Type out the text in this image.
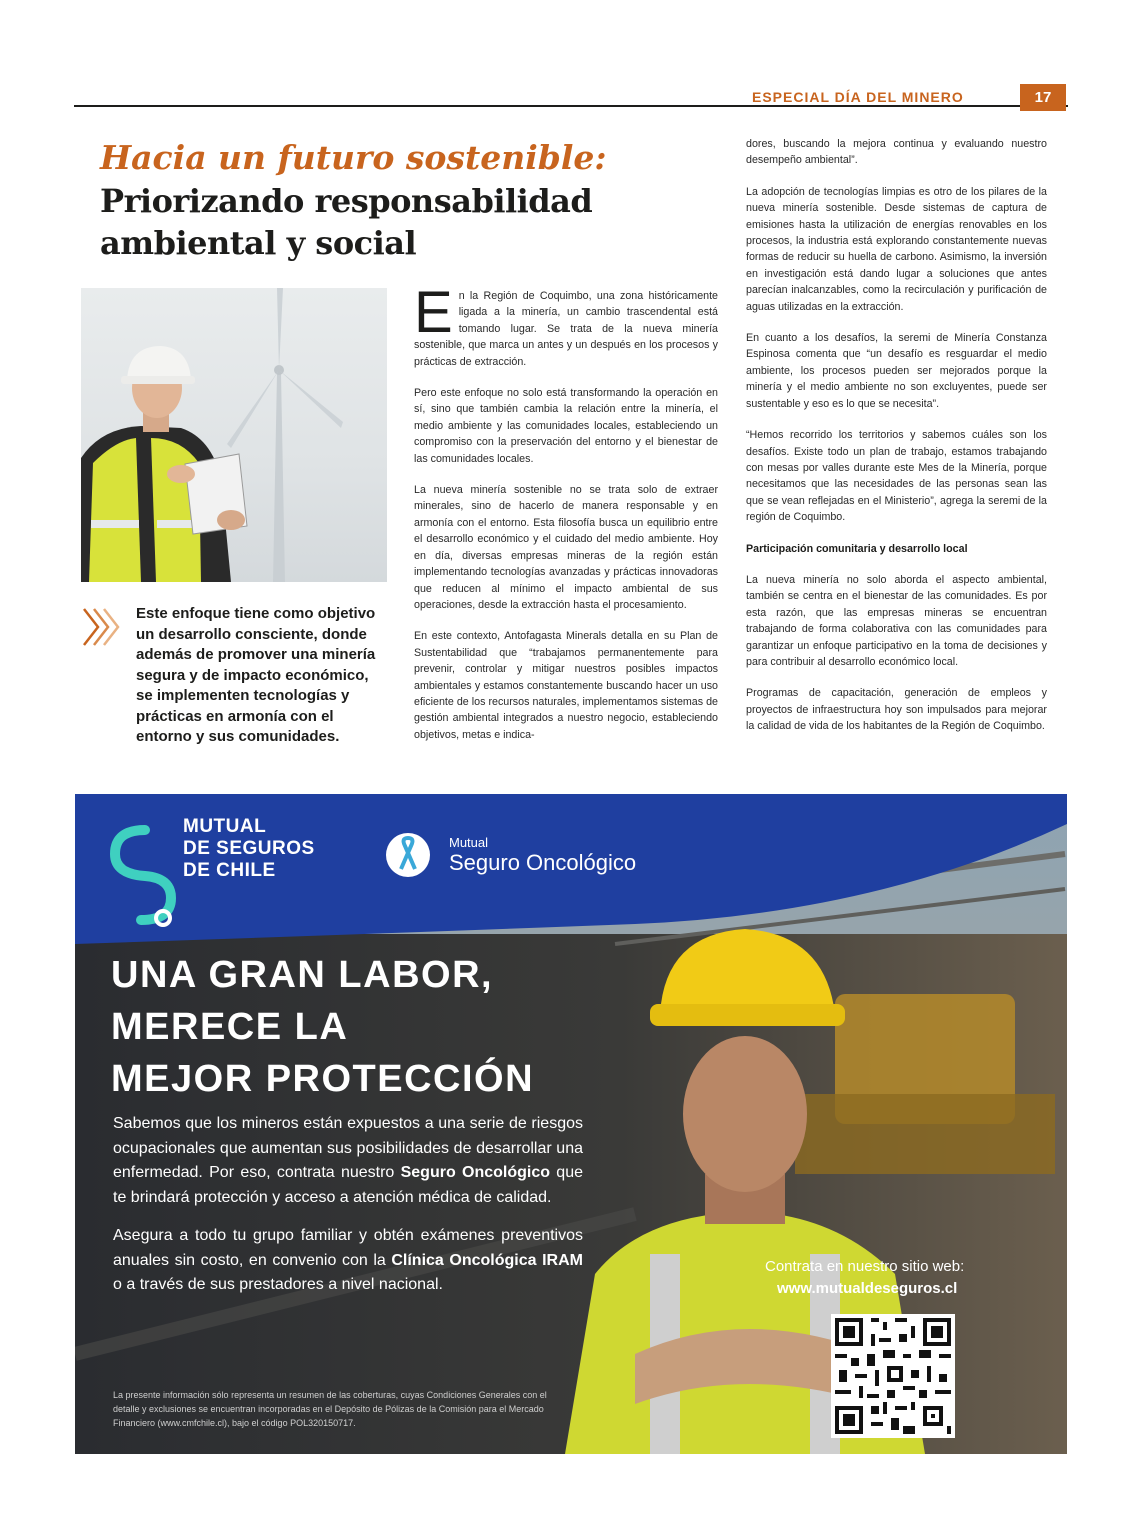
ESPECIAL DÍA DEL MINERO	17
Hacia un futuro sostenible:
Priorizando responsabilidad ambiental y social
Este enfoque tiene como objetivo un desarrollo consciente, donde además de promover una minería segura y de impacto económico, se implementen tecnologías y prácticas en armonía con el entorno y sus comunidades.

En la Región de Coquimbo, una zona históricamente ligada a la minería, un cambio trascendental está tomando lugar. Se trata de la nueva minería sostenible, que marca un antes y un después en los procesos y prácticas de extracción.

Pero este enfoque no solo está transformando la operación en sí, sino que también cambia la relación entre la minería, el medio ambiente y las comunidades locales, estableciendo un compromiso con la preservación del entorno y el bienestar de las comunidades locales.

La nueva minería sostenible no se trata solo de extraer minerales, sino de hacerlo de manera responsable y en armonía con el entorno. Esta filosofía busca un equilibrio entre el desarrollo económico y el cuidado del medio ambiente. Hoy en día, diversas empresas mineras de la región están implementando tecnologías avanzadas y prácticas innovadoras que reducen al mínimo el impacto ambiental de sus operaciones, desde la extracción hasta el procesamiento.

En este contexto, Antofagasta Minerals detalla en su Plan de Sustentabilidad que “trabajamos permanentemente para prevenir, controlar y mitigar nuestros posibles impactos ambientales y estamos constantemente buscando hacer un uso eficiente de los recursos naturales, implementamos sistemas de gestión ambiental integrados a nuestro negocio, estableciendo objetivos, metas e indica-

dores, buscando la mejora continua y evaluando nuestro desempeño ambiental”.

La adopción de tecnologías limpias es otro de los pilares de la nueva minería sostenible. Desde sistemas de captura de emisiones hasta la utilización de energías renovables en los procesos, la industria está explorando constantemente nuevas formas de reducir su huella de carbono. Asimismo, la inversión en investigación está dando lugar a soluciones que antes parecían inalcanzables, como la recirculación y purificación de aguas utilizadas en la extracción.

En cuanto a los desafíos, la seremi de Minería Constanza Espinosa comenta que “un desafío es resguardar el medio ambiente, los procesos pueden ser mejorados porque la minería y el medio ambiente no son excluyentes, puede ser sustentable y eso es lo que se necesita”.

“Hemos recorrido los territorios y sabemos cuáles son los desafíos. Existe todo un plan de trabajo, estamos trabajando con mesas por valles durante este Mes de la Minería, porque necesitamos que las necesidades de las personas sean las que se vean reflejadas en el Ministerio”, agrega la seremi de la región de Coquimbo.

Participación comunitaria y desarrollo local

La nueva minería no solo aborda el aspecto ambiental, también se centra en el bienestar de las comunidades. Es por esta razón, que las empresas mineras se encuentran trabajando de forma colaborativa con las comunidades para garantizar un enfoque participativo en la toma de decisiones y para contribuir al desarrollo económico local.

Programas de capacitación, generación de empleos y proyectos de infraestructura hoy son impulsados para mejorar la calidad de vida de los habitantes de la Región de Coquimbo.

MUTUAL
DE SEGUROS
DE CHILE
Mutual
Seguro Oncológico
UNA GRAN LABOR,
MERECE LA
MEJOR PROTECCIÓN

Sabemos que los mineros están expuestos a una serie de riesgos ocupacionales que aumentan sus posibilidades de desarrollar una enfermedad. Por eso, contrata nuestro Seguro Oncológico que te brindará protección y acceso a atención médica de calidad.

Asegura a todo tu grupo familiar y obtén exámenes preventivos anuales sin costo, en convenio con la Clínica Oncológica IRAM o a través de sus prestadores a nivel nacional.

La presente información sólo representa un resumen de las coberturas, cuyas Condiciones Generales con el detalle y exclusiones se encuentran incorporadas en el Depósito de Pólizas de la Comisión para el Mercado Financiero (www.cmfchile.cl), bajo el código POL320150717.
Contrata en nuestro sitio web:
www.mutualdeseguros.cl
